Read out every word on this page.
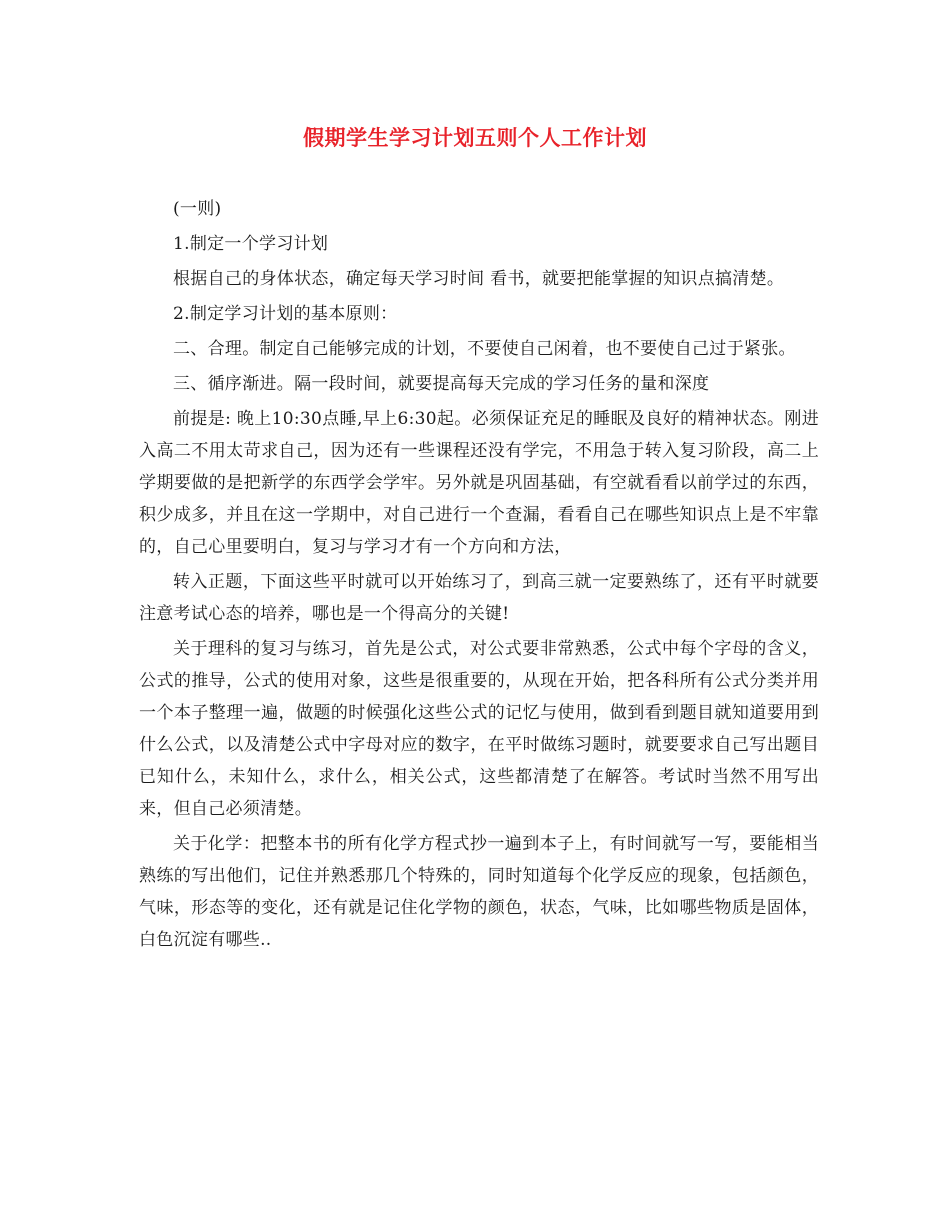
假期学生学习计划五则个人工作计划

(一则)

1.制定一个学习计划

根据自己的身体状态，确定每天学习时间 看书，就要把能掌握的知识点搞清楚。

2.制定学习计划的基本原则：

二、合理。制定自己能够完成的计划，不要使自己闲着，也不要使自己过于紧张。

三、循序渐进。隔一段时间，就要提高每天完成的学习任务的量和深度

前提是: 晚上10:30点睡,早上6:30起。必须保证充足的睡眠及良好的精神状态。刚进入高二不用太苛求自己，因为还有一些课程还没有学完，不用急于转入复习阶段，高二上学期要做的是把新学的东西学会学牢。另外就是巩固基础，有空就看看以前学过的东西，积少成多，并且在这一学期中，对自己进行一个查漏，看看自己在哪些知识点上是不牢靠的，自己心里要明白，复习与学习才有一个方向和方法，

转入正题，下面这些平时就可以开始练习了，到高三就一定要熟练了，还有平时就要注意考试心态的培养，哪也是一个得高分的关键!

关于理科的复习与练习，首先是公式，对公式要非常熟悉，公式中每个字母的含义，公式的推导，公式的使用对象，这些是很重要的，从现在开始，把各科所有公式分类并用一个本子整理一遍，做题的时候强化这些公式的记忆与使用，做到看到题目就知道要用到什么公式，以及清楚公式中字母对应的数字，在平时做练习题时，就要要求自己写出题目已知什么，未知什么，求什么，相关公式，这些都清楚了在解答。考试时当然不用写出来，但自己必须清楚。

关于化学：把整本书的所有化学方程式抄一遍到本子上，有时间就写一写，要能相当熟练的写出他们，记住并熟悉那几个特殊的，同时知道每个化学反应的现象，包括颜色，气味，形态等的变化，还有就是记住化学物的颜色，状态，气味，比如哪些物质是固体，白色沉淀有哪些..
